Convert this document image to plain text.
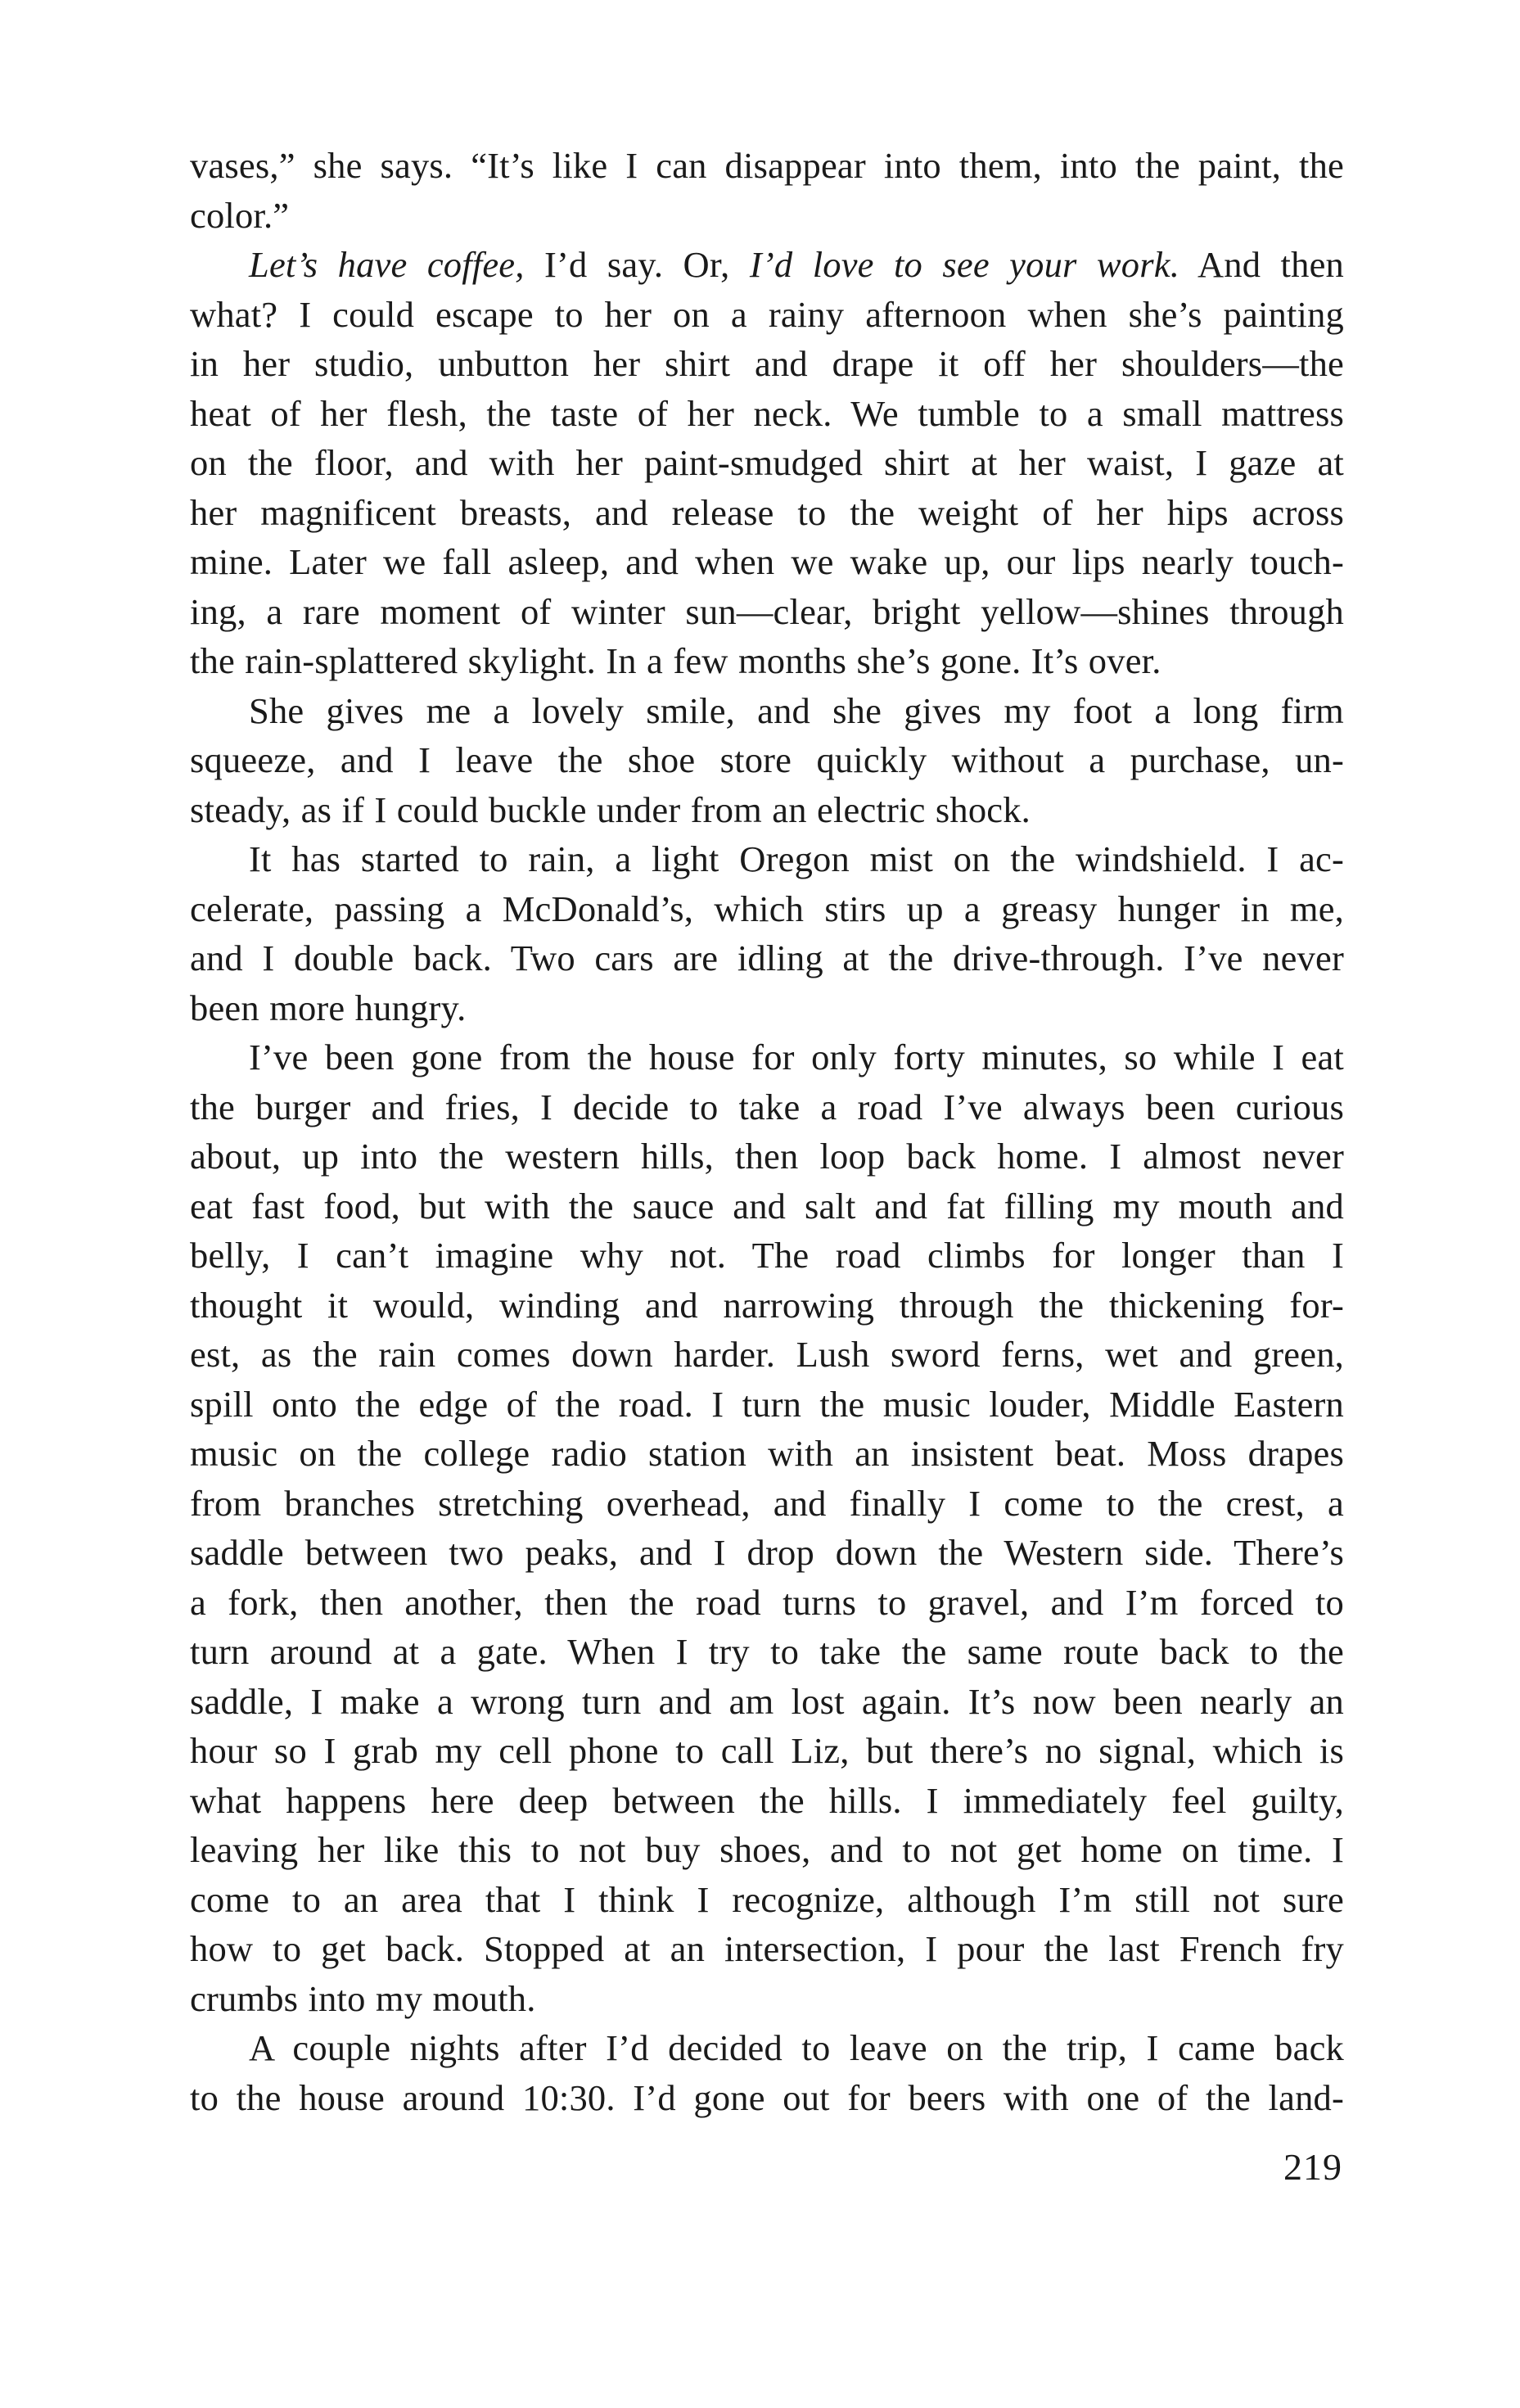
vases,” she says. “It’s like I can disappear into them, into the paint, the
color.”
Let’s have coffee, I’d say. Or, I’d love to see your work. And then
what? I could escape to her on a rainy afternoon when she’s painting
in her studio, unbutton her shirt and drape it off her shoulders—the
heat of her flesh, the taste of her neck. We tumble to a small mattress
on the floor, and with her paint-smudged shirt at her waist, I gaze at
her magnificent breasts, and release to the weight of her hips across
mine. Later we fall asleep, and when we wake up, our lips nearly touch-
ing, a rare moment of winter sun—clear, bright yellow—shines through
the rain-splattered skylight. In a few months she’s gone. It’s over.
She gives me a lovely smile, and she gives my foot a long firm
squeeze, and I leave the shoe store quickly without a purchase, un-
steady, as if I could buckle under from an electric shock.
It has started to rain, a light Oregon mist on the windshield. I ac-
celerate, passing a McDonald’s, which stirs up a greasy hunger in me,
and I double back. Two cars are idling at the drive-through. I’ve never
been more hungry.
I’ve been gone from the house for only forty minutes, so while I eat
the burger and fries, I decide to take a road I’ve always been curious
about, up into the western hills, then loop back home. I almost never
eat fast food, but with the sauce and salt and fat filling my mouth and
belly, I can’t imagine why not. The road climbs for longer than I
thought it would, winding and narrowing through the thickening for-
est, as the rain comes down harder. Lush sword ferns, wet and green,
spill onto the edge of the road. I turn the music louder, Middle Eastern
music on the college radio station with an insistent beat. Moss drapes
from branches stretching overhead, and finally I come to the crest, a
saddle between two peaks, and I drop down the Western side. There’s
a fork, then another, then the road turns to gravel, and I’m forced to
turn around at a gate. When I try to take the same route back to the
saddle, I make a wrong turn and am lost again. It’s now been nearly an
hour so I grab my cell phone to call Liz, but there’s no signal, which is
what happens here deep between the hills. I immediately feel guilty,
leaving her like this to not buy shoes, and to not get home on time. I
come to an area that I think I recognize, although I’m still not sure
how to get back. Stopped at an intersection, I pour the last French fry
crumbs into my mouth.
A couple nights after I’d decided to leave on the trip, I came back
to the house around 10:30. I’d gone out for beers with one of the land-
219
